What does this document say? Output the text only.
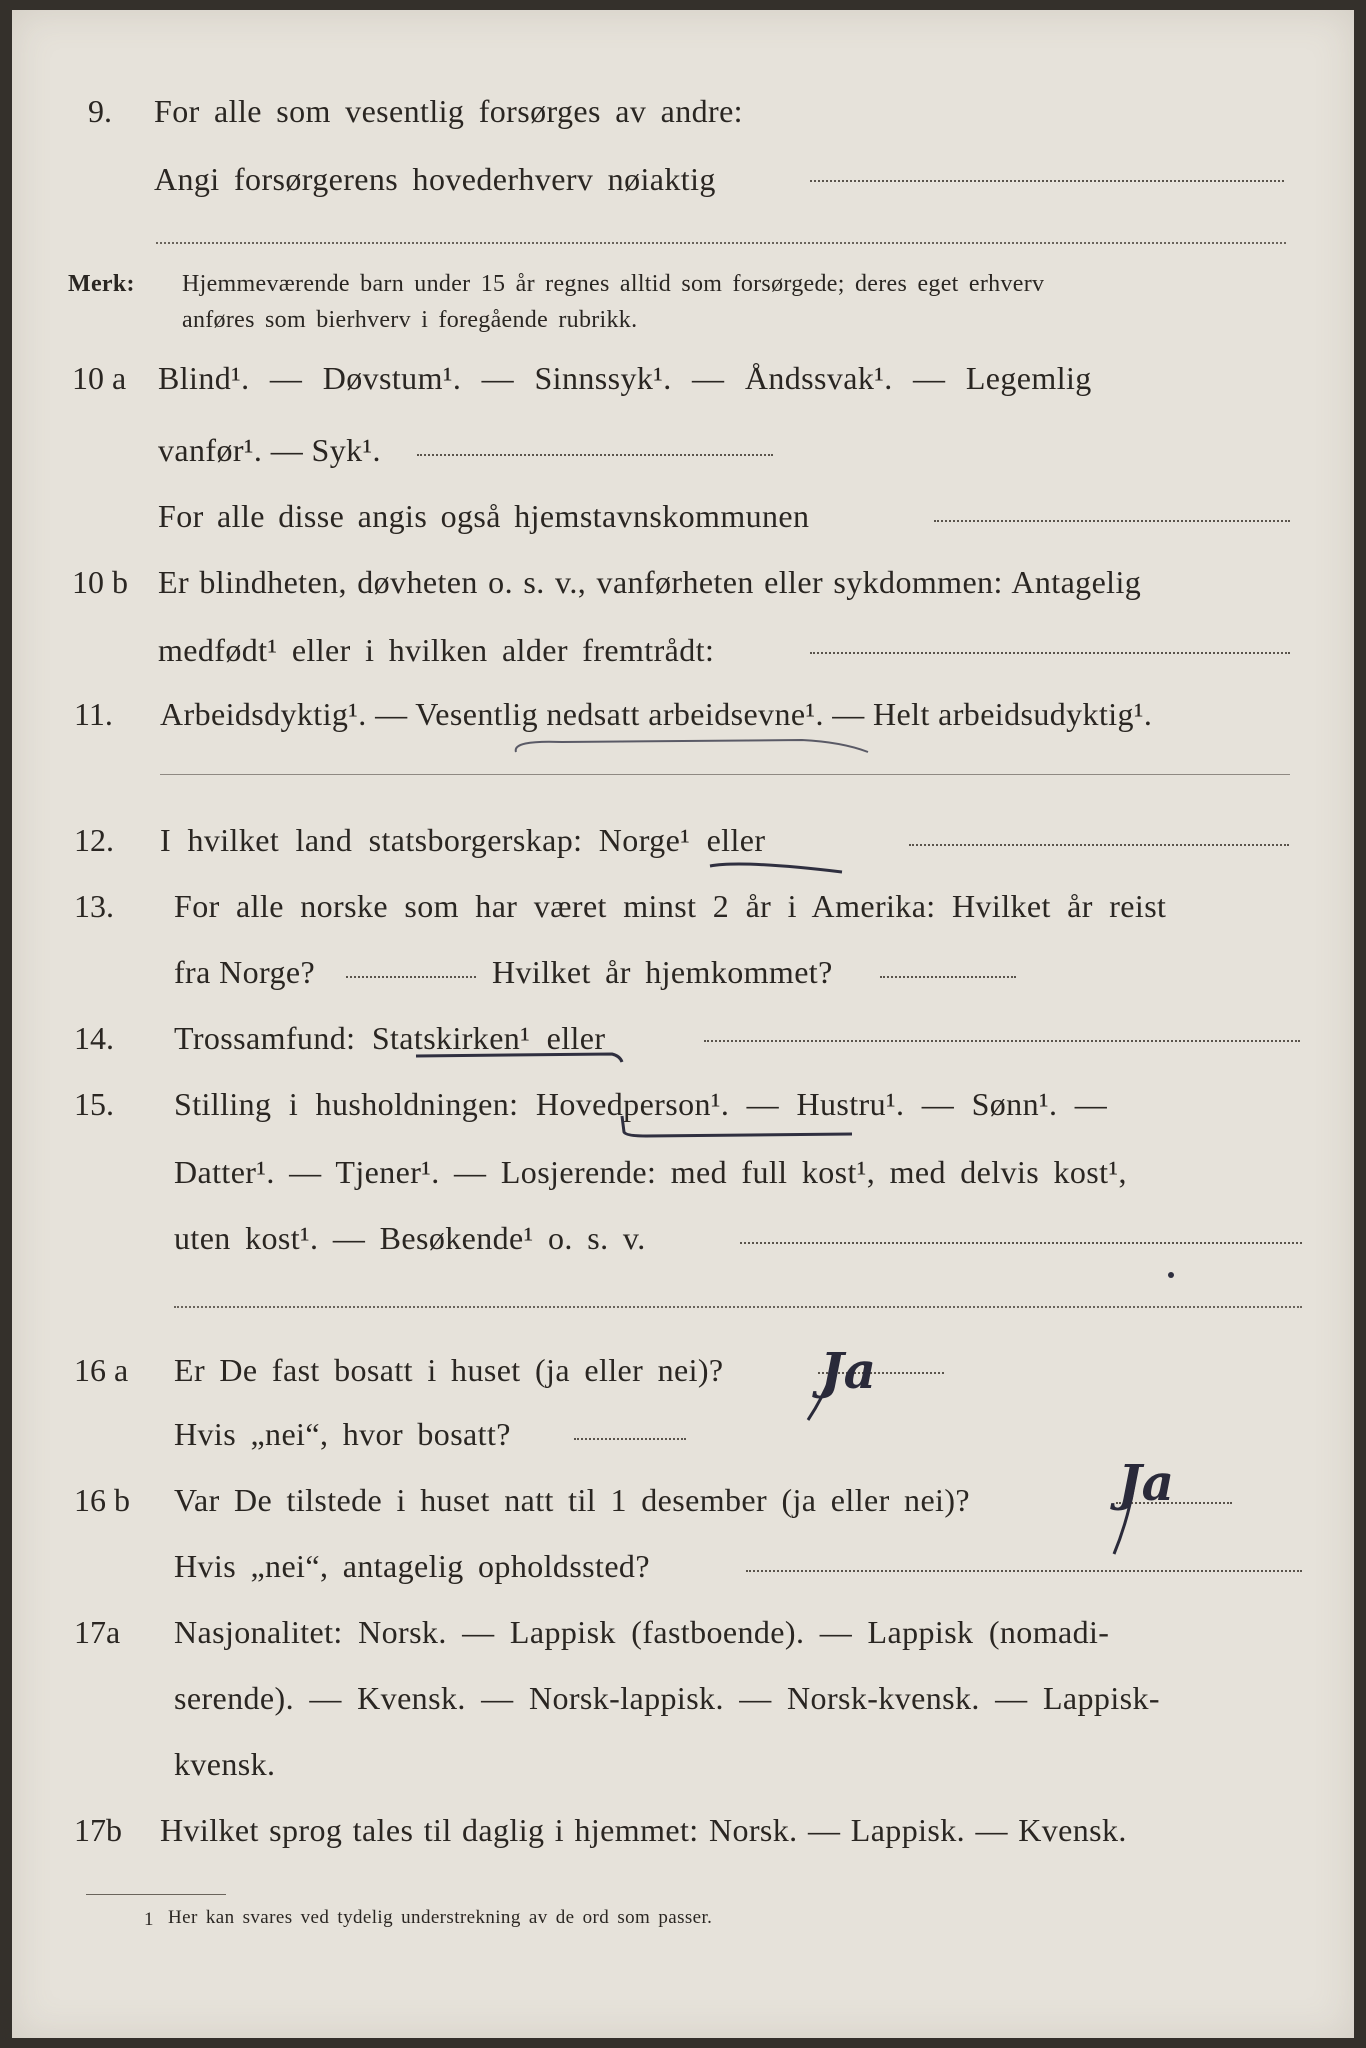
9. For alle som vesentlig forsørges av andre:
Angi forsørgerens hovederhverv nøiaktig
Merk: Hjemmeværende barn under 15 år regnes alltid som forsørgede; deres eget erhverv
anføres som bierhverv i foregående rubrikk.
10 a Blind¹. — Døvstum¹. — Sinnssyk¹. — Åndssvak¹. — Legemlig
vanfør¹. — Syk¹.
For alle disse angis også hjemstavnskommunen
10 b Er blindheten, døvheten o. s. v., vanførheten eller sykdommen: Antagelig
medfødt¹ eller i hvilken alder fremtrådt:
11. Arbeidsdyktig¹. — Vesentlig nedsatt arbeidsevne¹. — Helt arbeidsudyktig¹.
12. I hvilket land statsborgerskap: Norge¹ eller
13. For alle norske som har været minst 2 år i Amerika: Hvilket år reist
fra Norge?	Hvilket år hjemkommet?
14. Trossamfund: Statskirken¹ eller
15. Stilling i husholdningen: Hovedperson¹. — Hustru¹. — Sønn¹. —
Datter¹. — Tjener¹. — Losjerende: med full kost¹, med delvis kost¹,
uten kost¹. — Besøkende¹ o. s. v.
16 a Er De fast bosatt i huset (ja eller nei)? Ja
Hvis „nei“, hvor bosatt?
16 b Var De tilstede i huset natt til 1 desember (ja eller nei)?	Ja
Hvis „nei“, antagelig opholdssted?
17a Nasjonalitet: Norsk. — Lappisk (fastboende). — Lappisk (nomadi-
serende). — Kvensk. — Norsk-lappisk. — Norsk-kvensk. — Lappisk-
kvensk.
17b Hvilket sprog tales til daglig i hjemmet: Norsk. — Lappisk. — Kvensk.
1 Her kan svares ved tydelig understrekning av de ord som passer.
